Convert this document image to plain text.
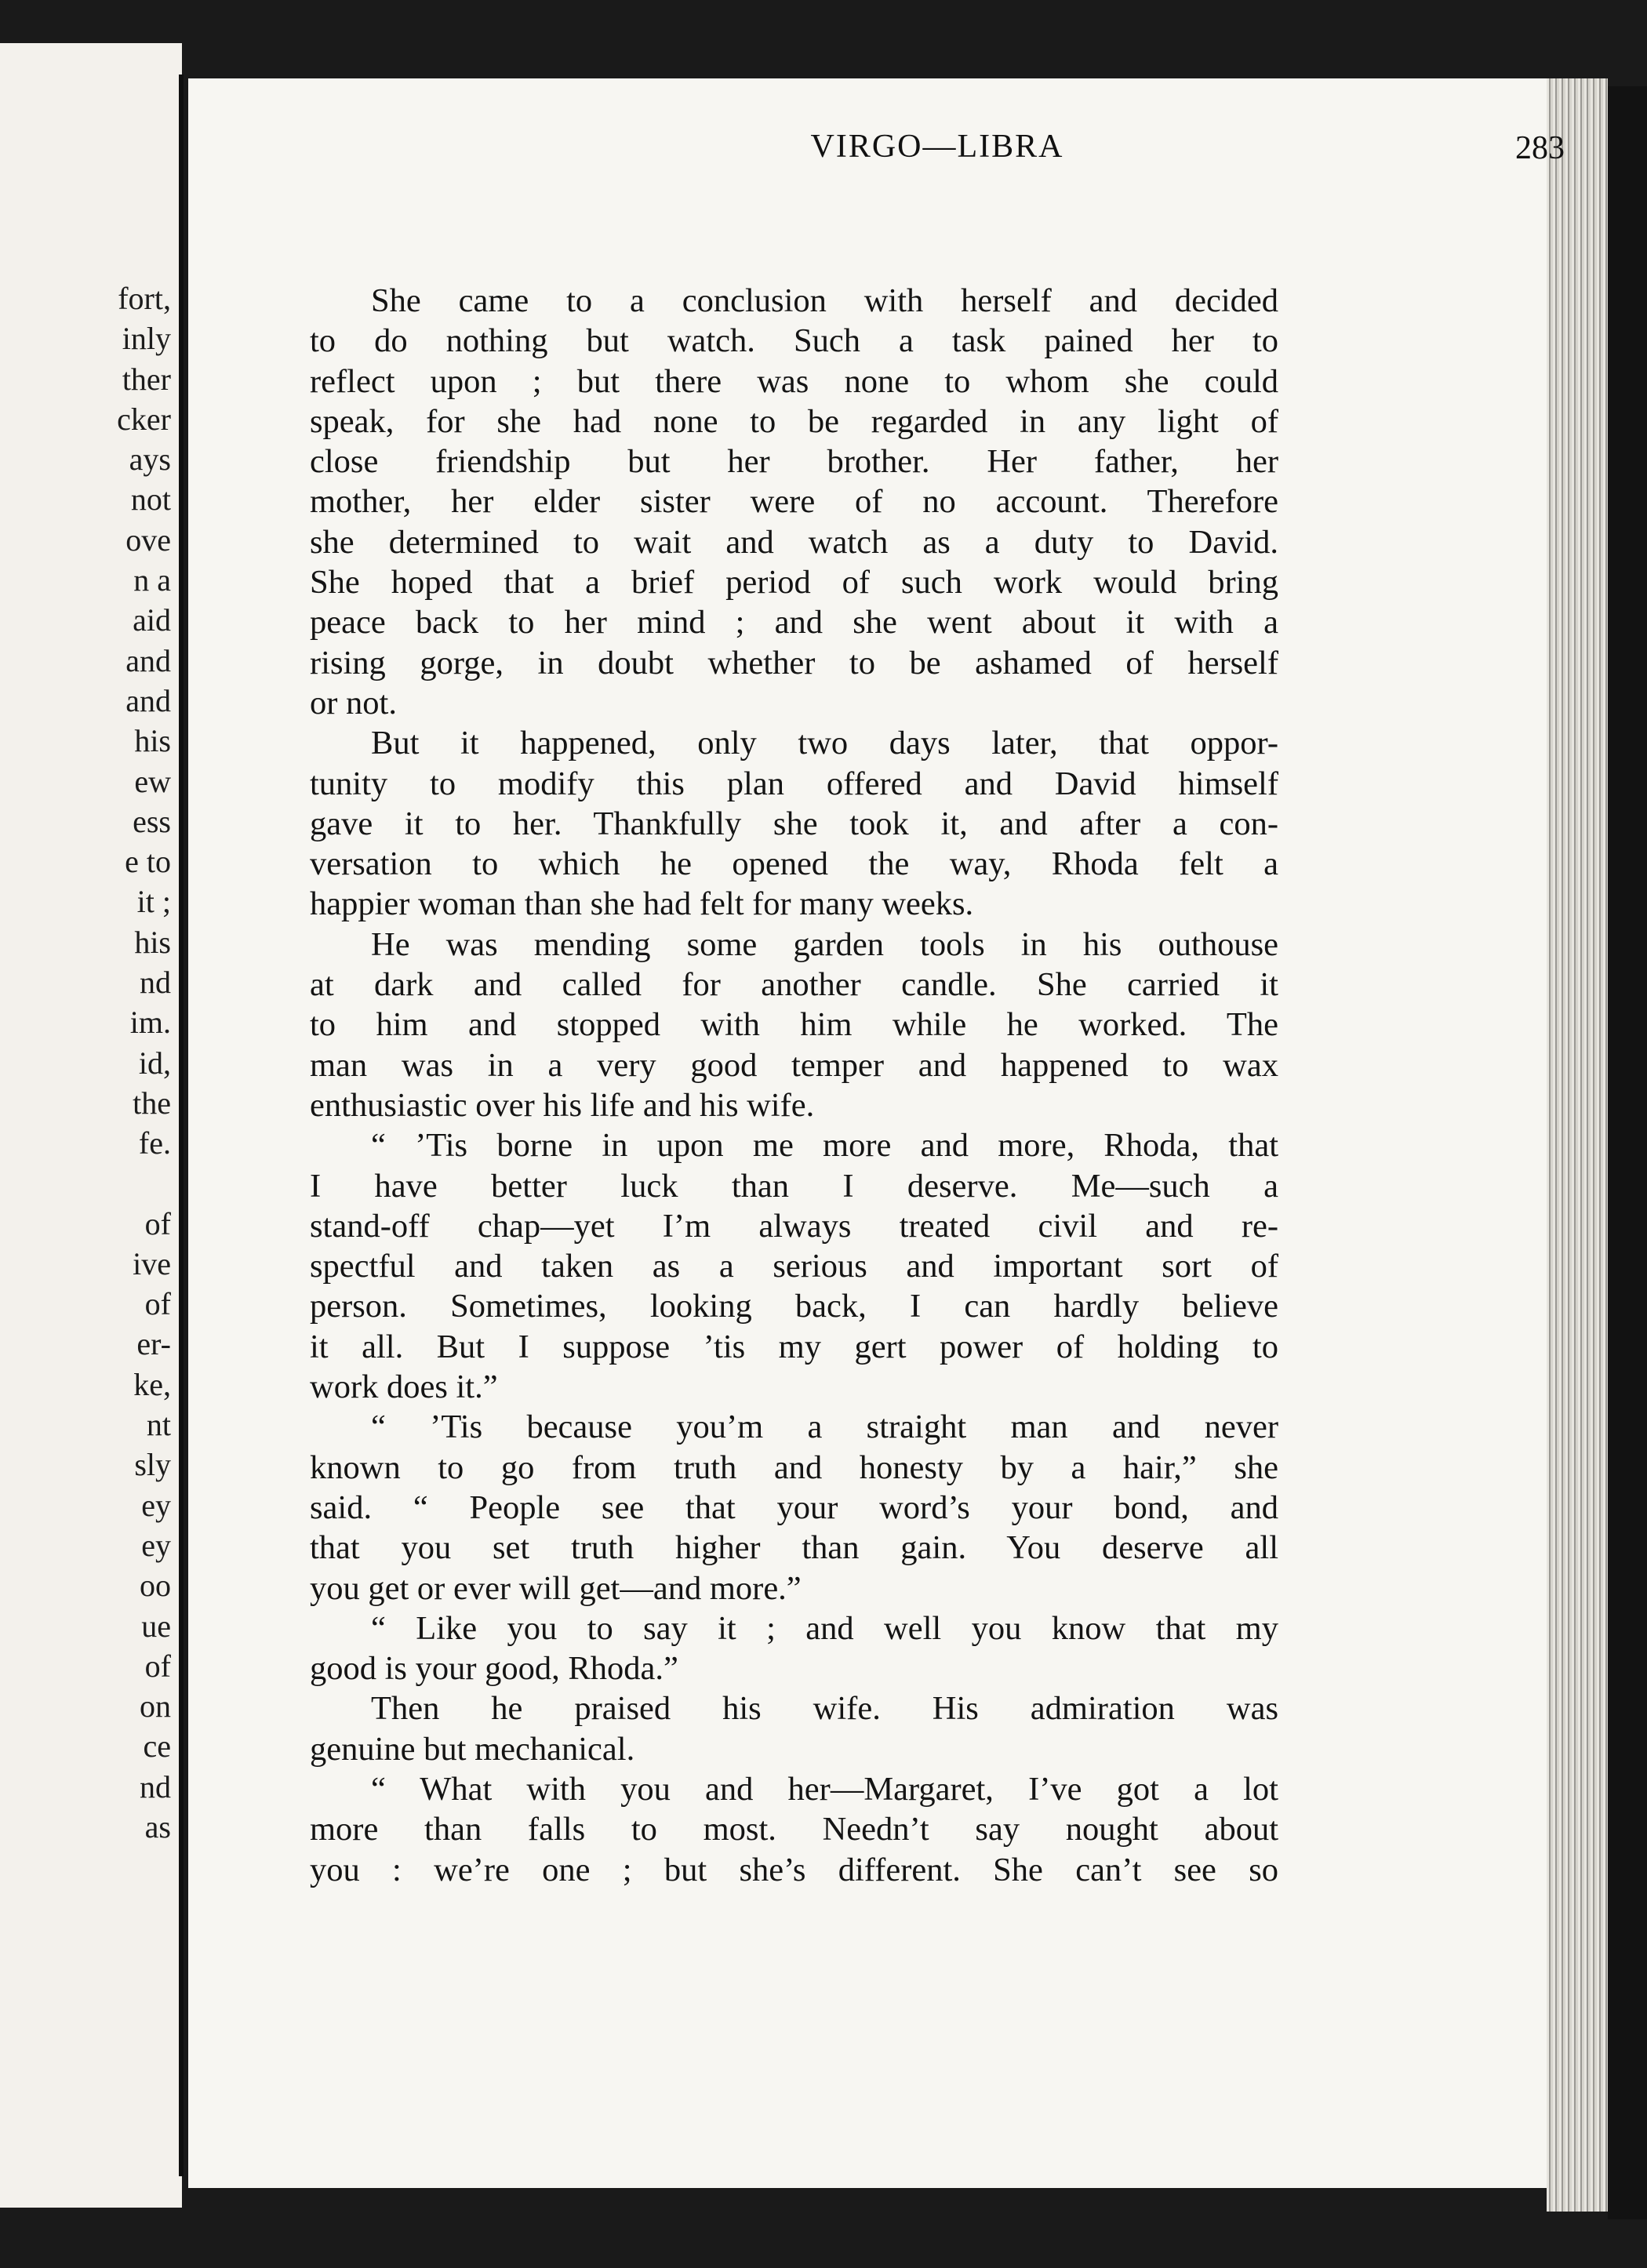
fort,
inly
ther
cker
ays
not
ove
n a
aid
and
and
his
ew
ess
e to
it ;
his
nd
im.
id,
the
fe.
of
ive
of
er-
ke,
nt
sly
ey
ey
oo
ue
of
on
ce
nd
as
VIRGO—LIBRA	283
She came to a conclusion with herself and decided
to do nothing but watch. Such a task pained her to
reflect upon ; but there was none to whom she could
speak, for she had none to be regarded in any light of
close friendship but her brother. Her father, her
mother, her elder sister were of no account. Therefore
she determined to wait and watch as a duty to David.
She hoped that a brief period of such work would bring
peace back to her mind ; and she went about it with a
rising gorge, in doubt whether to be ashamed of herself
or not.
But it happened, only two days later, that oppor-
tunity to modify this plan offered and David himself
gave it to her. Thankfully she took it, and after a con-
versation to which he opened the way, Rhoda felt a
happier woman than she had felt for many weeks.
He was mending some garden tools in his outhouse
at dark and called for another candle. She carried it
to him and stopped with him while he worked. The
man was in a very good temper and happened to wax
enthusiastic over his life and his wife.
“ ’Tis borne in upon me more and more, Rhoda, that
I have better luck than I deserve. Me—such a
stand-off chap—yet I’m always treated civil and re-
spectful and taken as a serious and important sort of
person. Sometimes, looking back, I can hardly believe
it all. But I suppose ’tis my gert power of holding to
work does it.”
“ ’Tis because you’m a straight man and never
known to go from truth and honesty by a hair,” she
said. “ People see that your word’s your bond, and
that you set truth higher than gain. You deserve all
you get or ever will get—and more.”
“ Like you to say it ; and well you know that my
good is your good, Rhoda.”
Then he praised his wife. His admiration was
genuine but mechanical.
“ What with you and her—Margaret, I’ve got a lot
more than falls to most. Needn’t say nought about
you : we’re one ; but she’s different. She can’t see so
